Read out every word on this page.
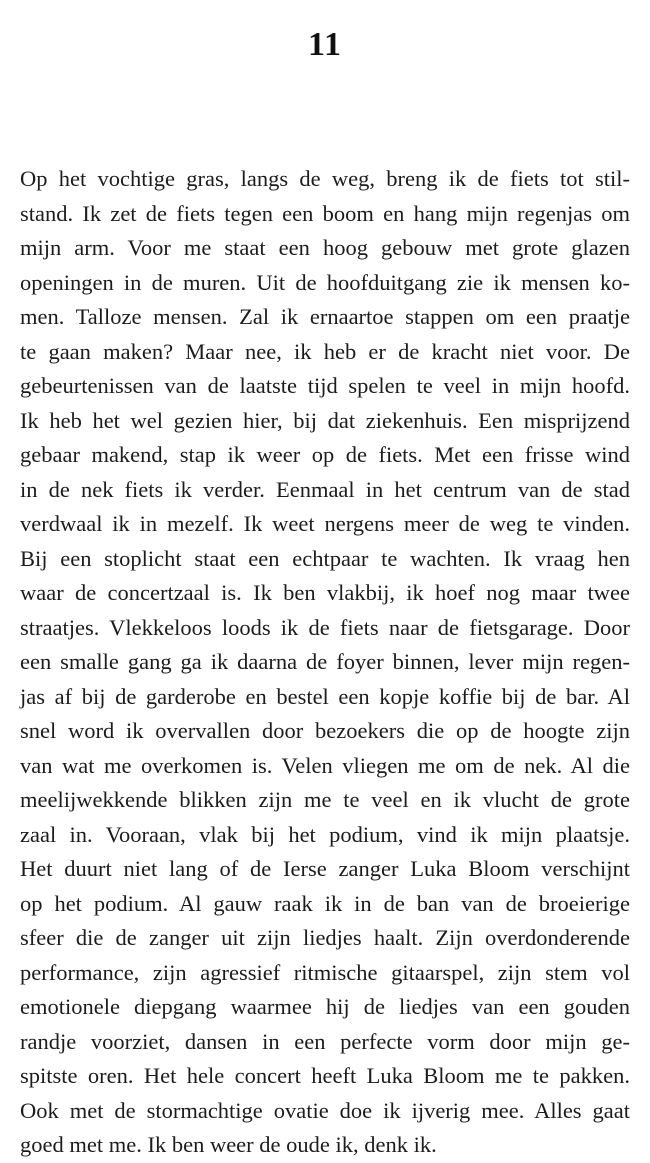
11
Op het vochtige gras, langs de weg, breng ik de fiets tot stil-
stand. Ik zet de fiets tegen een boom en hang mijn regenjas om
mijn arm. Voor me staat een hoog gebouw met grote glazen
openingen in de muren. Uit de hoofduitgang zie ik mensen ko-
men. Talloze mensen. Zal ik ernaartoe stappen om een praatje
te gaan maken? Maar nee, ik heb er de kracht niet voor. De
gebeurtenissen van de laatste tijd spelen te veel in mijn hoofd.
Ik heb het wel gezien hier, bij dat ziekenhuis. Een misprijzend
gebaar makend, stap ik weer op de fiets. Met een frisse wind
in de nek fiets ik verder. Eenmaal in het centrum van de stad
verdwaal ik in mezelf. Ik weet nergens meer de weg te vinden.
Bij een stoplicht staat een echtpaar te wachten. Ik vraag hen
waar de concertzaal is. Ik ben vlakbij, ik hoef nog maar twee
straatjes. Vlekkeloos loods ik de fiets naar de fietsgarage. Door
een smalle gang ga ik daarna de foyer binnen, lever mijn regen-
jas af bij de garderobe en bestel een kopje koffie bij de bar. Al
snel word ik overvallen door bezoekers die op de hoogte zijn
van wat me overkomen is. Velen vliegen me om de nek. Al die
meelijwekkende blikken zijn me te veel en ik vlucht de grote
zaal in. Vooraan, vlak bij het podium, vind ik mijn plaatsje.
Het duurt niet lang of de Ierse zanger Luka Bloom verschijnt
op het podium. Al gauw raak ik in de ban van de broeierige
sfeer die de zanger uit zijn liedjes haalt. Zijn overdonderende
performance, zijn agressief ritmische gitaarspel, zijn stem vol
emotionele diepgang waarmee hij de liedjes van een gouden
randje voorziet, dansen in een perfecte vorm door mijn ge-
spitste oren. Het hele concert heeft Luka Bloom me te pakken.
Ook met de stormachtige ovatie doe ik ijverig mee. Alles gaat
goed met me. Ik ben weer de oude ik, denk ik.
